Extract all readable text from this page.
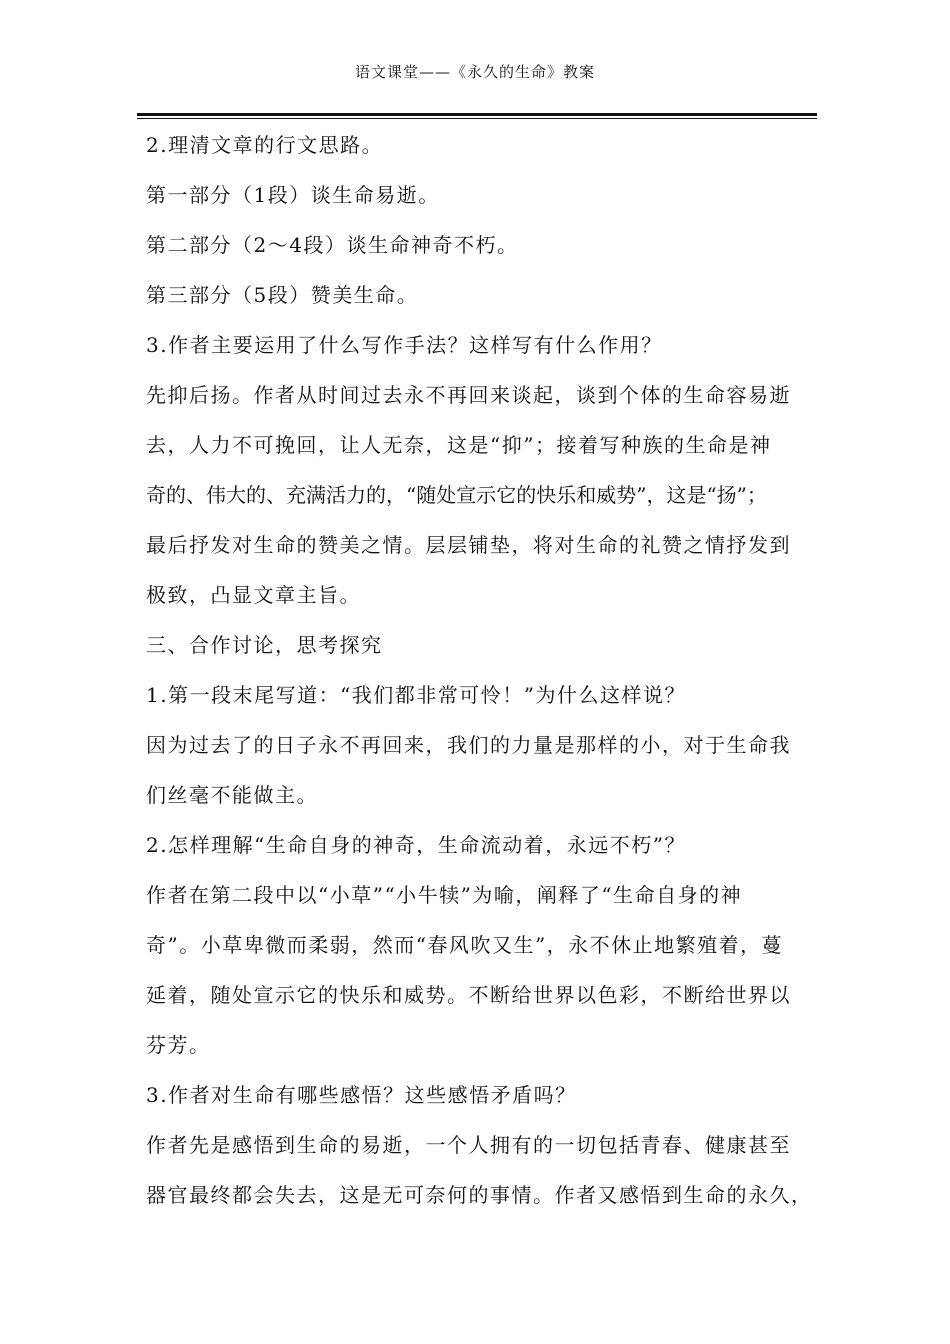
语文课堂——《永久的生命》教案
2.理清文章的行文思路。
第一部分（1段）谈生命易逝。
第二部分（2～4段）谈生命神奇不朽。
第三部分（5段）赞美生命。
3.作者主要运用了什么写作手法？这样写有什么作用？
先抑后扬。作者从时间过去永不再回来谈起，谈到个体的生命容易逝
去，人力不可挽回，让人无奈，这是“抑”；接着写种族的生命是神
奇的、伟大的、充满活力的，“随处宣示它的快乐和威势”，这是“扬”；
最后抒发对生命的赞美之情。层层铺垫，将对生命的礼赞之情抒发到
极致，凸显文章主旨。
三、合作讨论，思考探究
1.第一段末尾写道：“我们都非常可怜！”为什么这样说？
因为过去了的日子永不再回来，我们的力量是那样的小，对于生命我
们丝毫不能做主。
2.怎样理解“生命自身的神奇，生命流动着，永远不朽”？
作者在第二段中以“小草”“小牛犊”为喻，阐释了“生命自身的神
奇”。小草卑微而柔弱，然而“春风吹又生”，永不休止地繁殖着，蔓
延着，随处宣示它的快乐和威势。不断给世界以色彩，不断给世界以
芬芳。
3.作者对生命有哪些感悟？这些感悟矛盾吗？
作者先是感悟到生命的易逝，一个人拥有的一切包括青春、健康甚至
器官最终都会失去，这是无可奈何的事情。作者又感悟到生命的永久，
